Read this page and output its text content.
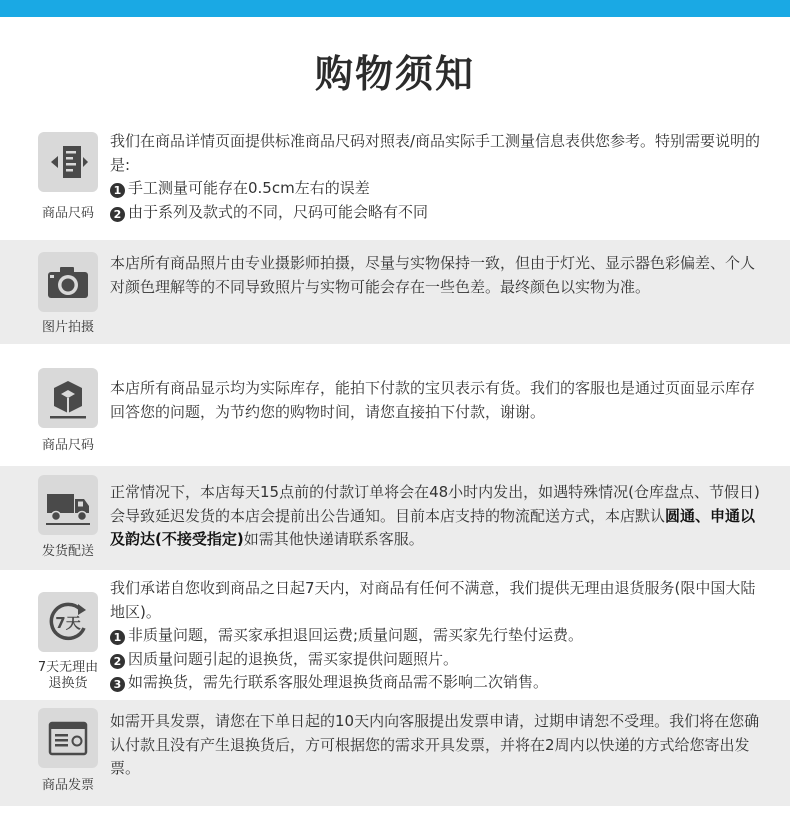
购物须知
商品尺码

我们在商品详情页面提供标准商品尺码对照表/商品实际手工测量信息表供您参考。特别需要说明的是:

1 手工测量可能存在0.5cm左右的误差

2 由于系列及款式的不同，尺码可能会略有不同

图片拍摄

本店所有商品照片由专业摄影师拍摄，尽量与实物保持一致，但由于灯光、显示器色彩偏差、个人对颜色理解等的不同导致照片与实物可能会存在一些色差。最终颜色以实物为准。

商品尺码

本店所有商品显示均为实际库存，能拍下付款的宝贝表示有货。我们的客服也是通过页面显示库存回答您的问题，为节约您的购物时间，请您直接拍下付款，谢谢。

发货配送

正常情况下，本店每天15点前的付款订单将会在48小时内发出，如遇特殊情况(仓库盘点、节假日)会导致延迟发货的本店会提前出公告通知。目前本店支持的物流配送方式，本店默认圆通、申通以及韵达(不接受指定)如需其他快递请联系客服。

7天
7天无理由
退换货

我们承诺自您收到商品之日起7天内，对商品有任何不满意，我们提供无理由退货服务(限中国大陆地区)。

1 非质量问题，需买家承担退回运费;质量问题，需买家先行垫付运费。

2 因质量问题引起的退换货，需买家提供问题照片。

3 如需换货，需先行联系客服处理退换货商品需不影响二次销售。

商品发票

如需开具发票，请您在下单日起的10天内向客服提出发票申请，过期申请恕不受理。我们将在您确认付款且没有产生退换货后，方可根据您的需求开具发票，并将在2周内以快递的方式给您寄出发票。
